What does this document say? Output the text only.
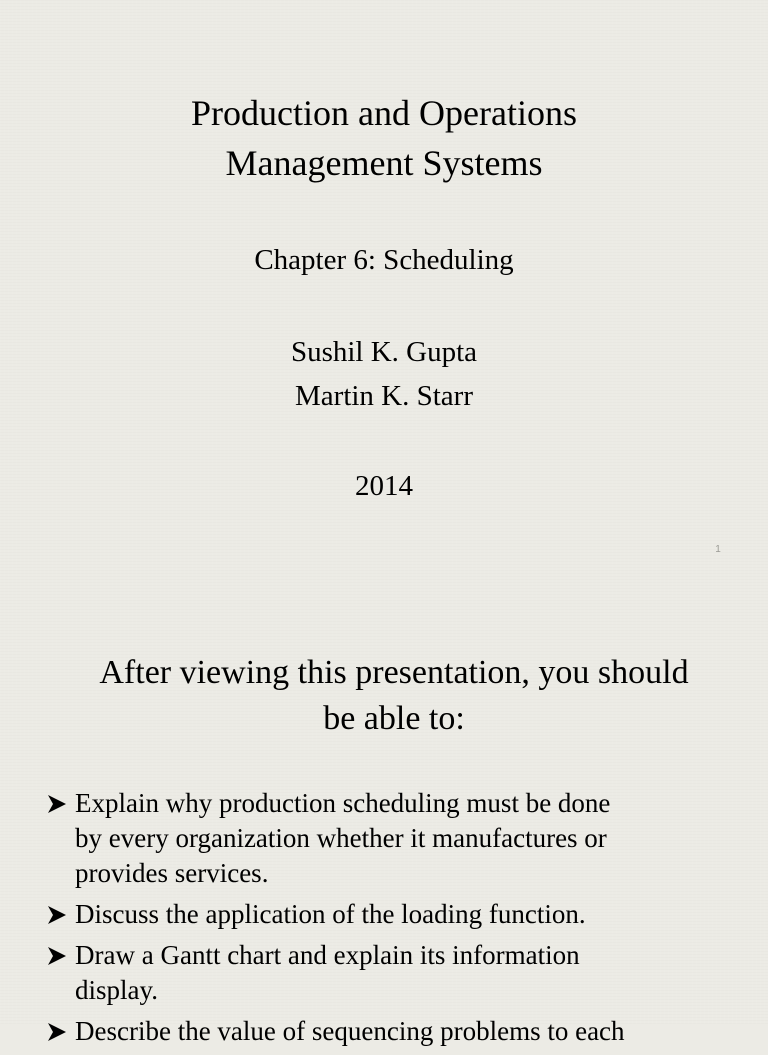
Production and Operations
Management Systems
Chapter 6: Scheduling
Sushil K. Gupta
Martin K. Starr
2014
1
After viewing this presentation, you should
be able to:
Explain why production scheduling must be done
by every organization whether it manufactures or
provides services.
Discuss the application of the loading function.
Draw a Gantt chart and explain its information
display.
Describe the value of sequencing problems to each
